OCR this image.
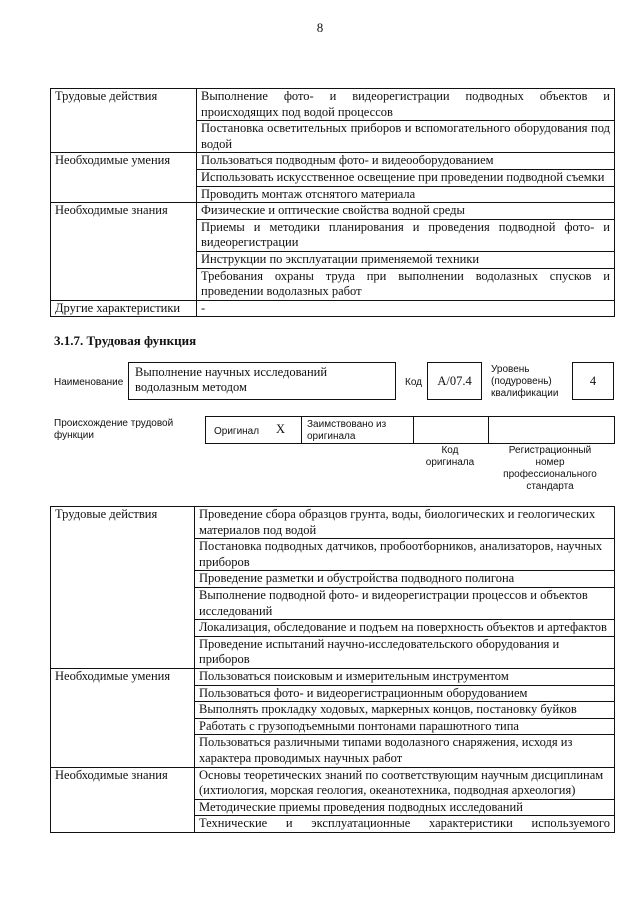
8
Трудовые действия	Выполнение фото- и видеорегистрации подводных объектов и происходящих под водой процессов
	Постановка осветительных приборов и вспомогательного оборудования под водой
Необходимые умения	Пользоваться подводным фото- и видеооборудованием
	Использовать искусственное освещение при проведении подводной съемки
	Проводить монтаж отснятого материала
Необходимые знания	Физические и оптические свойства водной среды
	Приемы и методики планирования и проведения подводной фото- и видеорегистрации
	Инструкции по эксплуатации применяемой техники
	Требования охраны труда при выполнении водолазных спусков и проведении водолазных работ
Другие характеристики	-
3.1.7. Трудовая функция
Наименование
Выполнение научных исследований водолазным методом	Код	A/07.4
Уровень (подуровень) квалификации
4
Происхождение трудовой функции	Оригинал X Заимствовано из оригинала
Код оригинала
Регистрационный номер профессионального стандарта
Трудовые действия	Проведение сбора образцов грунта, воды, биологических и геологических материалов под водой
	Постановка подводных датчиков, пробоотборников, анализаторов, научных приборов
	Проведение разметки и обустройства подводного полигона
	Выполнение подводной фото- и видеорегистрации процессов и объектов исследований
	Локализация, обследование и подъем на поверхность объектов и артефактов
	Проведение испытаний научно-исследовательского оборудования и приборов
Необходимые умения	Пользоваться поисковым и измерительным инструментом
	Пользоваться фото- и видеорегистрационным оборудованием
	Выполнять прокладку ходовых, маркерных концов, постановку буйков
	Работать с грузоподъемными понтонами парашютного типа
	Пользоваться различными типами водолазного снаряжения, исходя из характера проводимых научных работ
Необходимые знания	Основы теоретических знаний по соответствующим научным дисциплинам (ихтиология, морская геология, океанотехника, подводная археология)
	Методические приемы проведения подводных исследований
	Технические и эксплуатационные характеристики используемого
